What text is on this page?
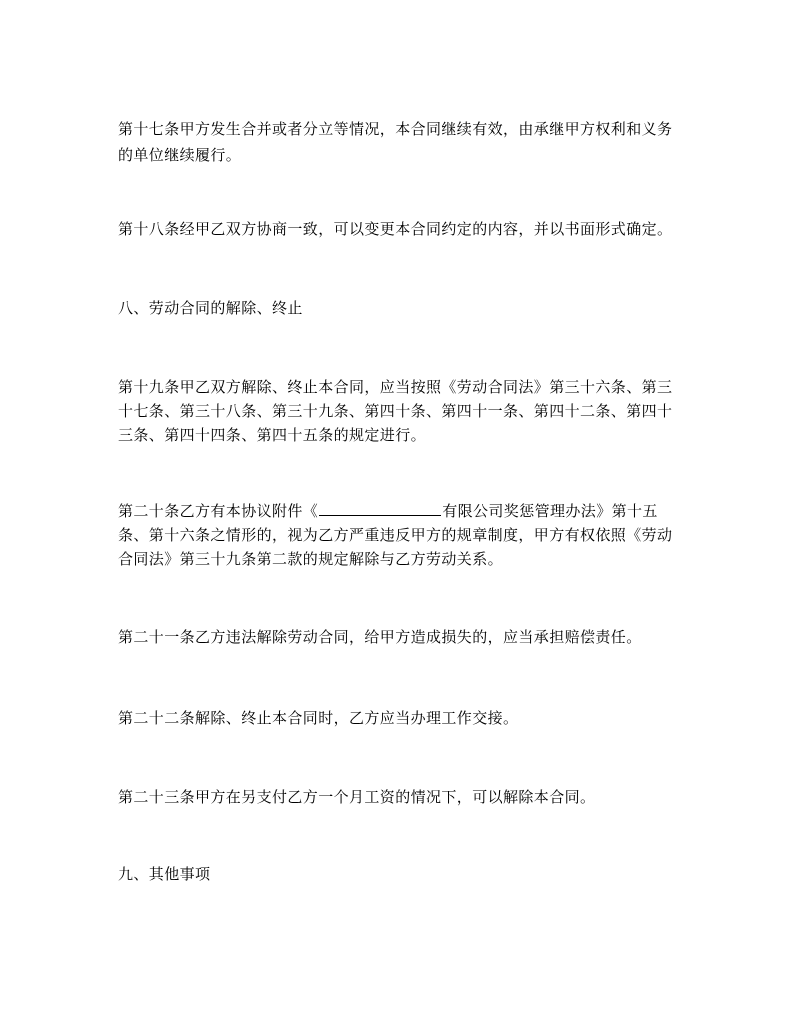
第十七条甲方发生合并或者分立等情况，本合同继续有效，由承继甲方权利和义务
的单位继续履行。
第十八条经甲乙双方协商一致，可以变更本合同约定的内容，并以书面形式确定。
八、劳动合同的解除、终止
第十九条甲乙双方解除、终止本合同，应当按照《劳动合同法》第三十六条、第三
十七条、第三十八条、第三十九条、第四十条、第四十一条、第四十二条、第四十
三条、第四十四条、第四十五条的规定进行。
第二十条乙方有本协议附件《	有限公司奖惩管理办法》第十五
条、第十六条之情形的，视为乙方严重违反甲方的规章制度，甲方有权依照《劳动
合同法》第三十九条第二款的规定解除与乙方劳动关系。
第二十一条乙方违法解除劳动合同，给甲方造成损失的，应当承担赔偿责任。
第二十二条解除、终止本合同时，乙方应当办理工作交接。
第二十三条甲方在另支付乙方一个月工资的情况下，可以解除本合同。
九、其他事项
